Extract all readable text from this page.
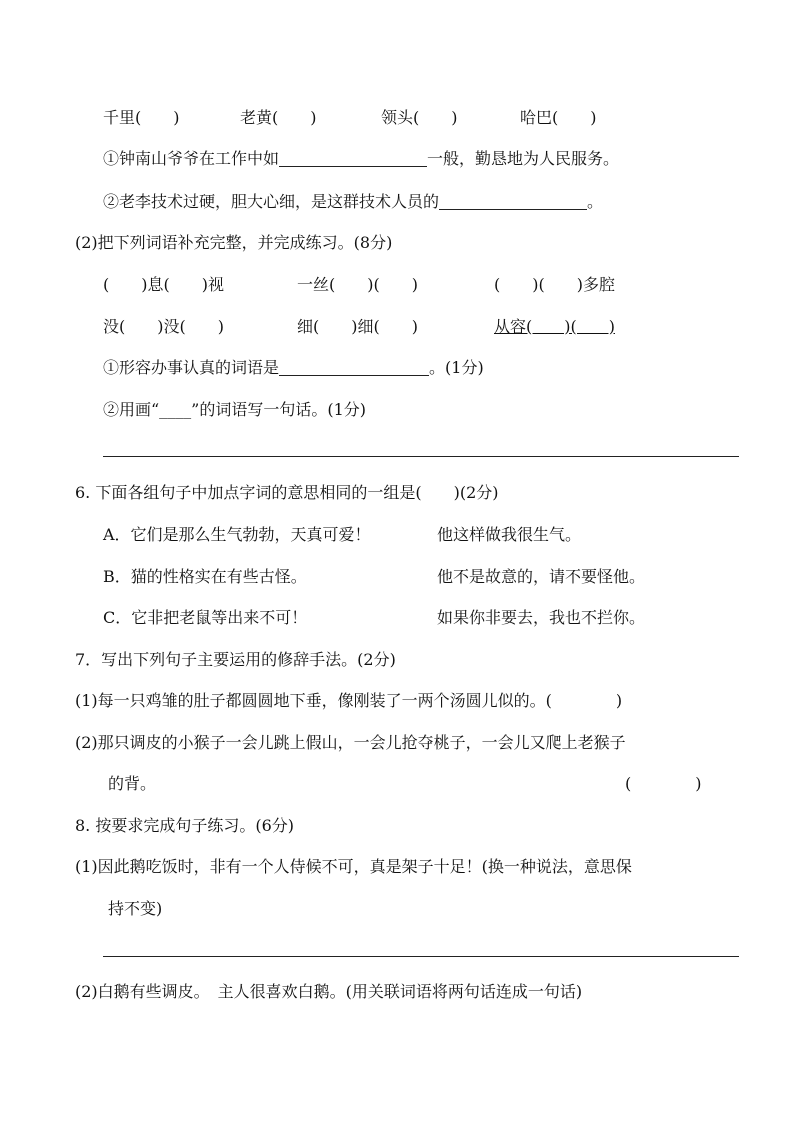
千里(　　)	老黄(　　)	领头(　　)	哈巴(　　)
①钟南山爷爷在工作中如	一般，勤恳地为人民服务。
②老李技术过硬，胆大心细，是这群技术人员的	。
(2)把下列词语补充完整，并完成练习。(8分)
(　　)息(　　)视	一丝(　　)(　　)	(　　)(　　)多腔
没(　　)没(　　)	细(　　)细(　　)	从容(　　)(　　)
①形容办事认真的词语是	。(1分)
②用画“____”的词语写一句话。(1分)
6. 下面各组句子中加点字词的意思相同的一组是(　　)(2分)
A．它们是那么生气勃勃，天真可爱！	他这样做我很生气。
B．猫的性格实在有些古怪。	他不是故意的，请不要怪他。
C．它非把老鼠等出来不可！	如果你非要去，我也不拦你。
7．写出下列句子主要运用的修辞手法。(2分)
(1)每一只鸡雏的肚子都圆圆地下垂，像刚装了一两个汤圆儿似的。(　　　　)
(2)那只调皮的小猴子一会儿跳上假山，一会儿抢夺桃子，一会儿又爬上老猴子
的背。	(　　　　)
8. 按要求完成句子练习。(6分)
(1)因此鹅吃饭时，非有一个人侍候不可，真是架子十足！(换一种说法，意思保
持不变)
(2)白鹅有些调皮。　主人很喜欢白鹅。(用关联词语将两句话连成一句话)
